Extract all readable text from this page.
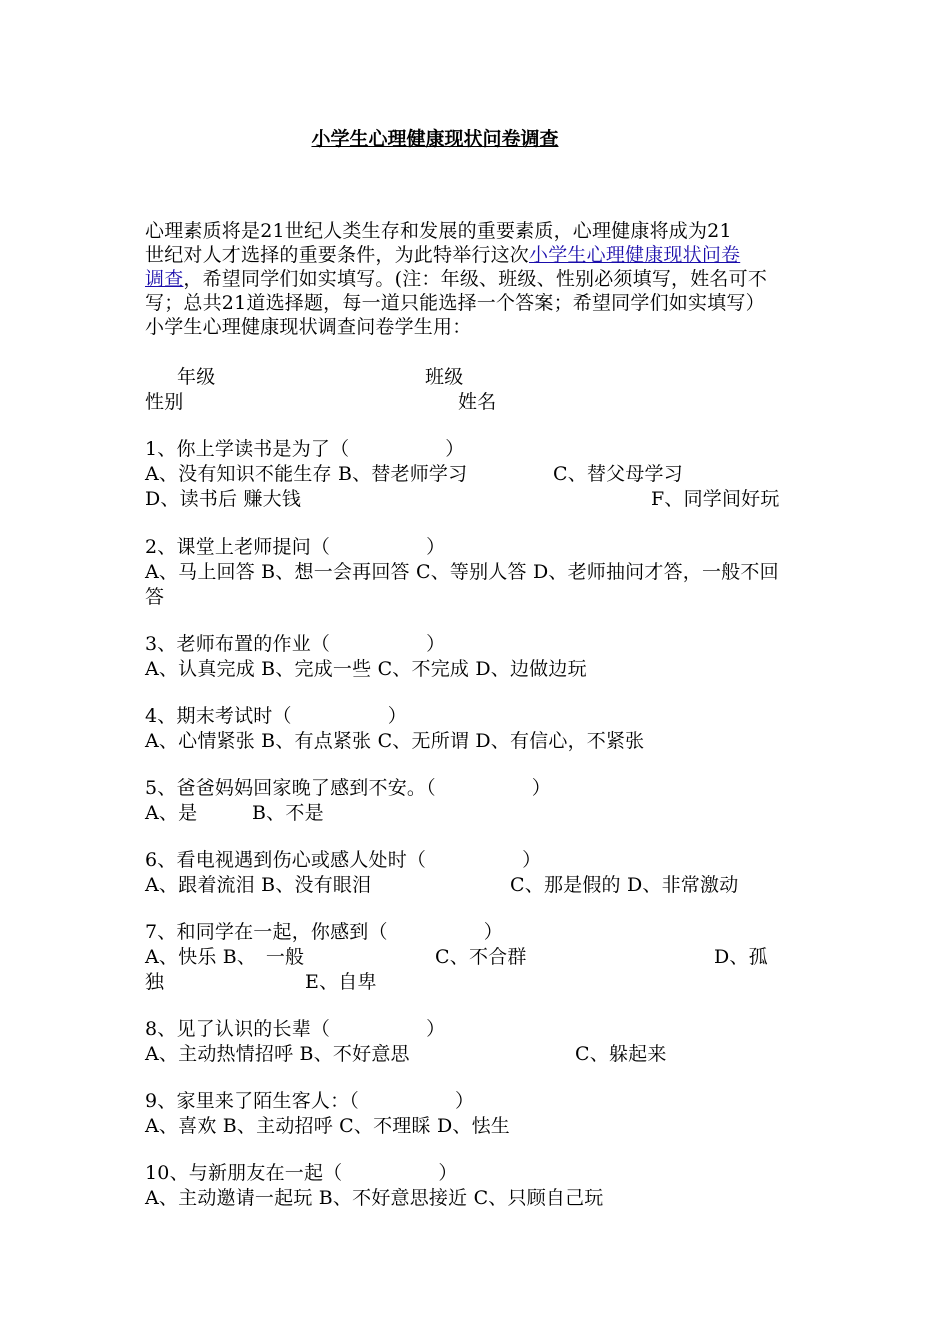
小学生心理健康现状问卷调查
心理素质将是21世纪人类生存和发展的重要素质，心理健康将成为21
世纪对人才选择的重要条件，为此特举行这次小学生心理健康现状问卷
调查，希望同学们如实填写。(注：年级、班级、性别必须填写，姓名可不
写；总共21道选择题，每一道只能选择一个答案；希望同学们如实填写）
小学生心理健康现状调查问卷学生用：
年级	班级
性别	姓名
1、你上学读书是为了（　　　　　）
A、没有知识不能生存 B、替老师学习	C、替父母学习
D、读书后 赚大钱	F、同学间好玩
2、课堂上老师提问（　　　　　）
A、马上回答 B、想一会再回答 C、等别人答 D、老师抽问才答，一般不回
答
3、老师布置的作业（　　　　　）
A、认真完成 B、完成一些 C、不完成 D、边做边玩
4、期末考试时（　　　　　）
A、心情紧张 B、有点紧张 C、无所谓 D、有信心，不紧张
5、爸爸妈妈回家晚了感到不安。（　　　　　）
A、是	B、不是
6、看电视遇到伤心或感人处时（　　　　　）
A、跟着流泪 B、没有眼泪	C、那是假的 D、非常激动
7、和同学在一起，你感到（　　　　　）
A、快乐 B、　一般	C、不合群	D、孤
独	E、自卑
8、见了认识的长辈（　　　　　）
A、主动热情招呼 B、不好意思	C、躲起来
9、家里来了陌生客人：（　　　　　）
A、喜欢 B、主动招呼 C、不理睬 D、怯生
10、与新朋友在一起（　　　　　）
A、主动邀请一起玩 B、不好意思接近 C、只顾自己玩
